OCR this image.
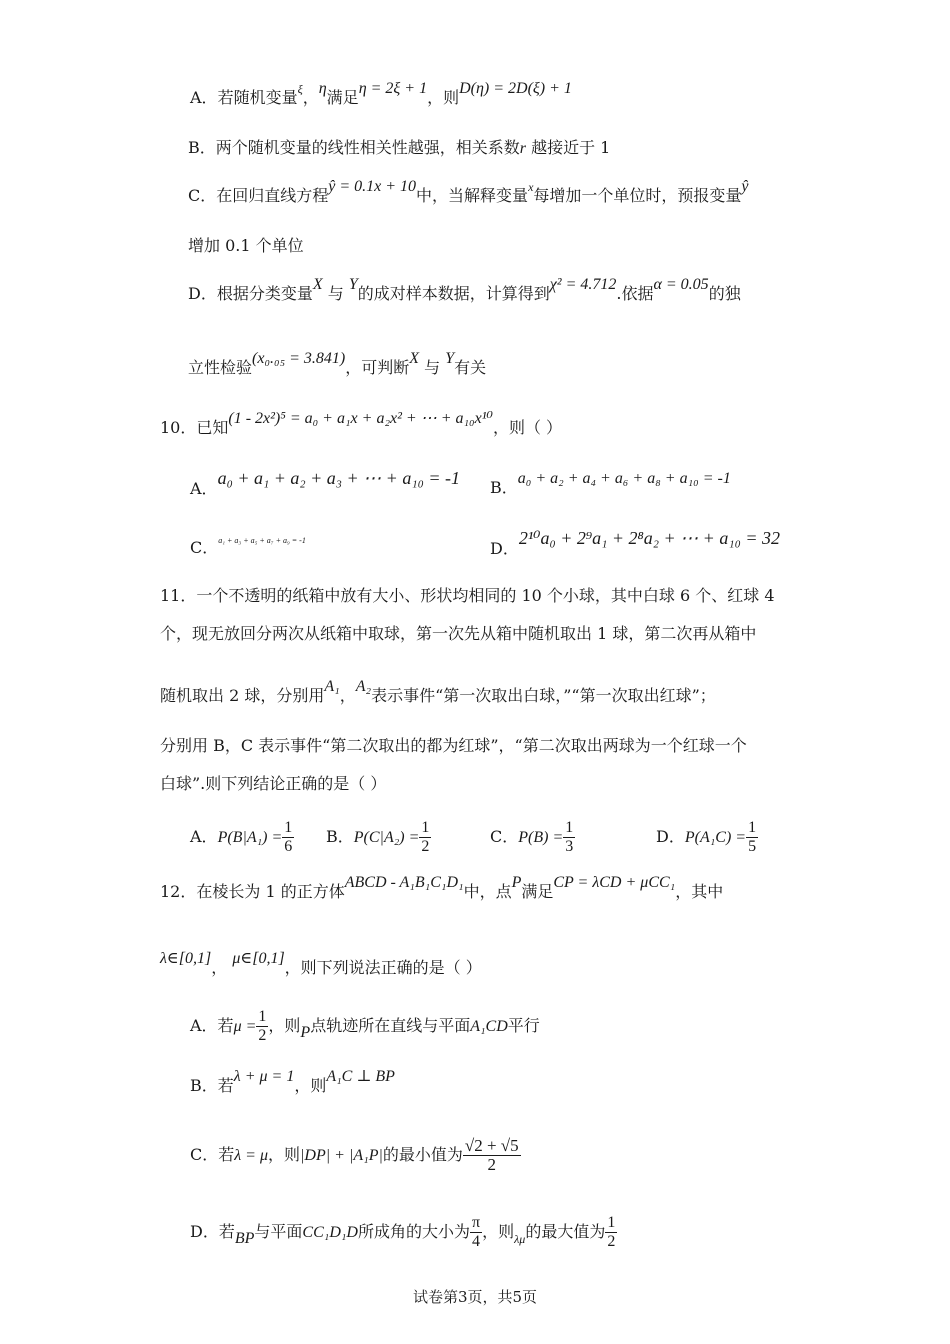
A．若随机变量$^\xi$，η满足η = 2ξ + 1，则D(η) = 2D(ξ) + 1
B．两个随机变量的线性相关性越强，相关系数r 越接近于 1
C．在回归直线方程ŷ = 0.1x + 10中，当解释变量$^x$每增加一个单位时，预报变量ŷ
增加 0.1 个单位
D．根据分类变量X 与 Y的成对样本数据，计算得到χ² = 4.712.依据α = 0.05的独
立性检验(x₀.₀₅ = 3.841)，可判断X 与 Y有关
10．已知(1 - 2x²)⁵ = a₀ + a₁x + a₂x² + ⋯ + a₁₀x¹⁰，则（ ）
A．a₀ + a₁ + a₂ + a₃ + ⋯ + a₁₀ = -1 B．a₀ + a₂ + a₄ + a₆ + a₈ + a₁₀ = -1
C．$^{a_1 + a_3 + a_5 + a_7 + a_9 = -1}$	D．2¹⁰a₀ + 2⁹a₁ + 2⁸a₂ + ⋯ + a₁₀ = 32
11．一个不透明的纸箱中放有大小、形状均相同的 10 个小球，其中白球 6 个、红球 4
个，现无放回分两次从纸箱中取球，第一次先从箱中随机取出 1 球，第二次再从箱中
随机取出 2 球，分别用A₁，A₂表示事件“第一次取出白球，”“第一次取出红球”；
分别用 B，C 表示事件“第二次取出的都为红球”，“第二次取出两球为一个红球一个
白球”.则下列结论正确的是（ ）
A．$P(B|A_1) = \frac{1}{6}$ B．$P(C|A_2) = \frac{1}{2}$	C．$P(B) = \frac{1}{3}$	D．$P(A_1C) = \frac{1}{5}$
12．在棱长为 1 的正方体ABCD - A₁B₁C₁D₁中，点P满足CP = λCD + μCC₁，其中
λ∈[0,1]， μ∈[0,1]，则下列说法正确的是（ ）
A．若$\mu = \frac{1}{2}$ ，则P点轨迹所在直线与平面A₁CD平行
B．若λ + μ = 1，则A₁C ⊥ BP
C．若λ = μ，则|DP| + |A₁P|的最小值为 $\frac{√2 + √5}{2}$
D．若BP与平面CC₁D₁D所成角的大小为 $\frac{\pi}{4}$ ，则$_{\lambda\mu}$的最大值为 $\frac{1}{2}$
试卷第3页，共5页
